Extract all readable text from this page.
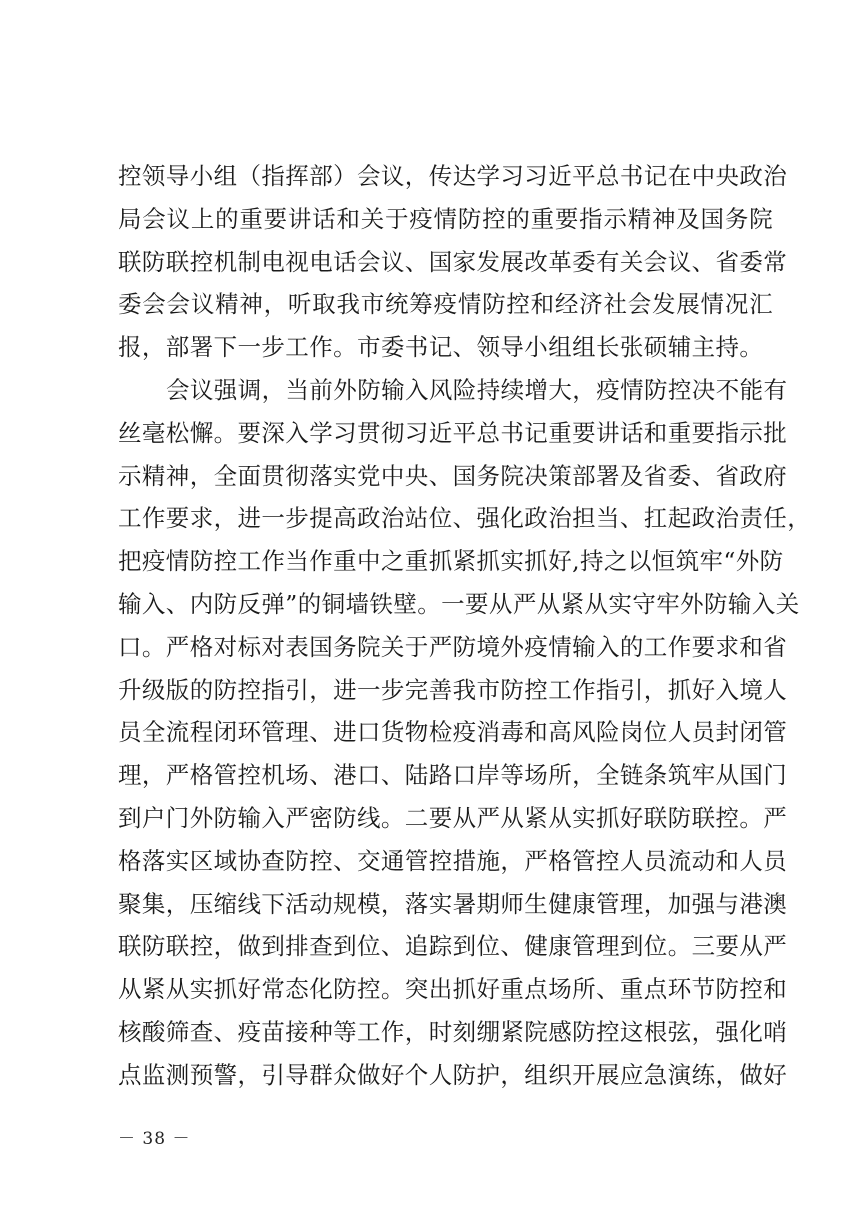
控领导小组（指挥部）会议，传达学习习近平总书记在中央政治
局会议上的重要讲话和关于疫情防控的重要指示精神及国务院
联防联控机制电视电话会议、国家发展改革委有关会议、省委常
委会会议精神，听取我市统筹疫情防控和经济社会发展情况汇
报，部署下一步工作。市委书记、领导小组组长张硕辅主持。
会议强调，当前外防输入风险持续增大，疫情防控决不能有
丝毫松懈。要深入学习贯彻习近平总书记重要讲话和重要指示批
示精神，全面贯彻落实党中央、国务院决策部署及省委、省政府
工作要求，进一步提高政治站位、强化政治担当、扛起政治责任，
把疫情防控工作当作重中之重抓紧抓实抓好,持之以恒筑牢“外防
输入、内防反弹”的铜墙铁壁。一要从严从紧从实守牢外防输入关
口。严格对标对表国务院关于严防境外疫情输入的工作要求和省
升级版的防控指引，进一步完善我市防控工作指引，抓好入境人
员全流程闭环管理、进口货物检疫消毒和高风险岗位人员封闭管
理，严格管控机场、港口、陆路口岸等场所，全链条筑牢从国门
到户门外防输入严密防线。二要从严从紧从实抓好联防联控。严
格落实区域协查防控、交通管控措施，严格管控人员流动和人员
聚集，压缩线下活动规模，落实暑期师生健康管理，加强与港澳
联防联控，做到排查到位、追踪到位、健康管理到位。三要从严
从紧从实抓好常态化防控。突出抓好重点场所、重点环节防控和
核酸筛查、疫苗接种等工作，时刻绷紧院感防控这根弦，强化哨
点监测预警，引导群众做好个人防护，组织开展应急演练，做好
－ 38 －
